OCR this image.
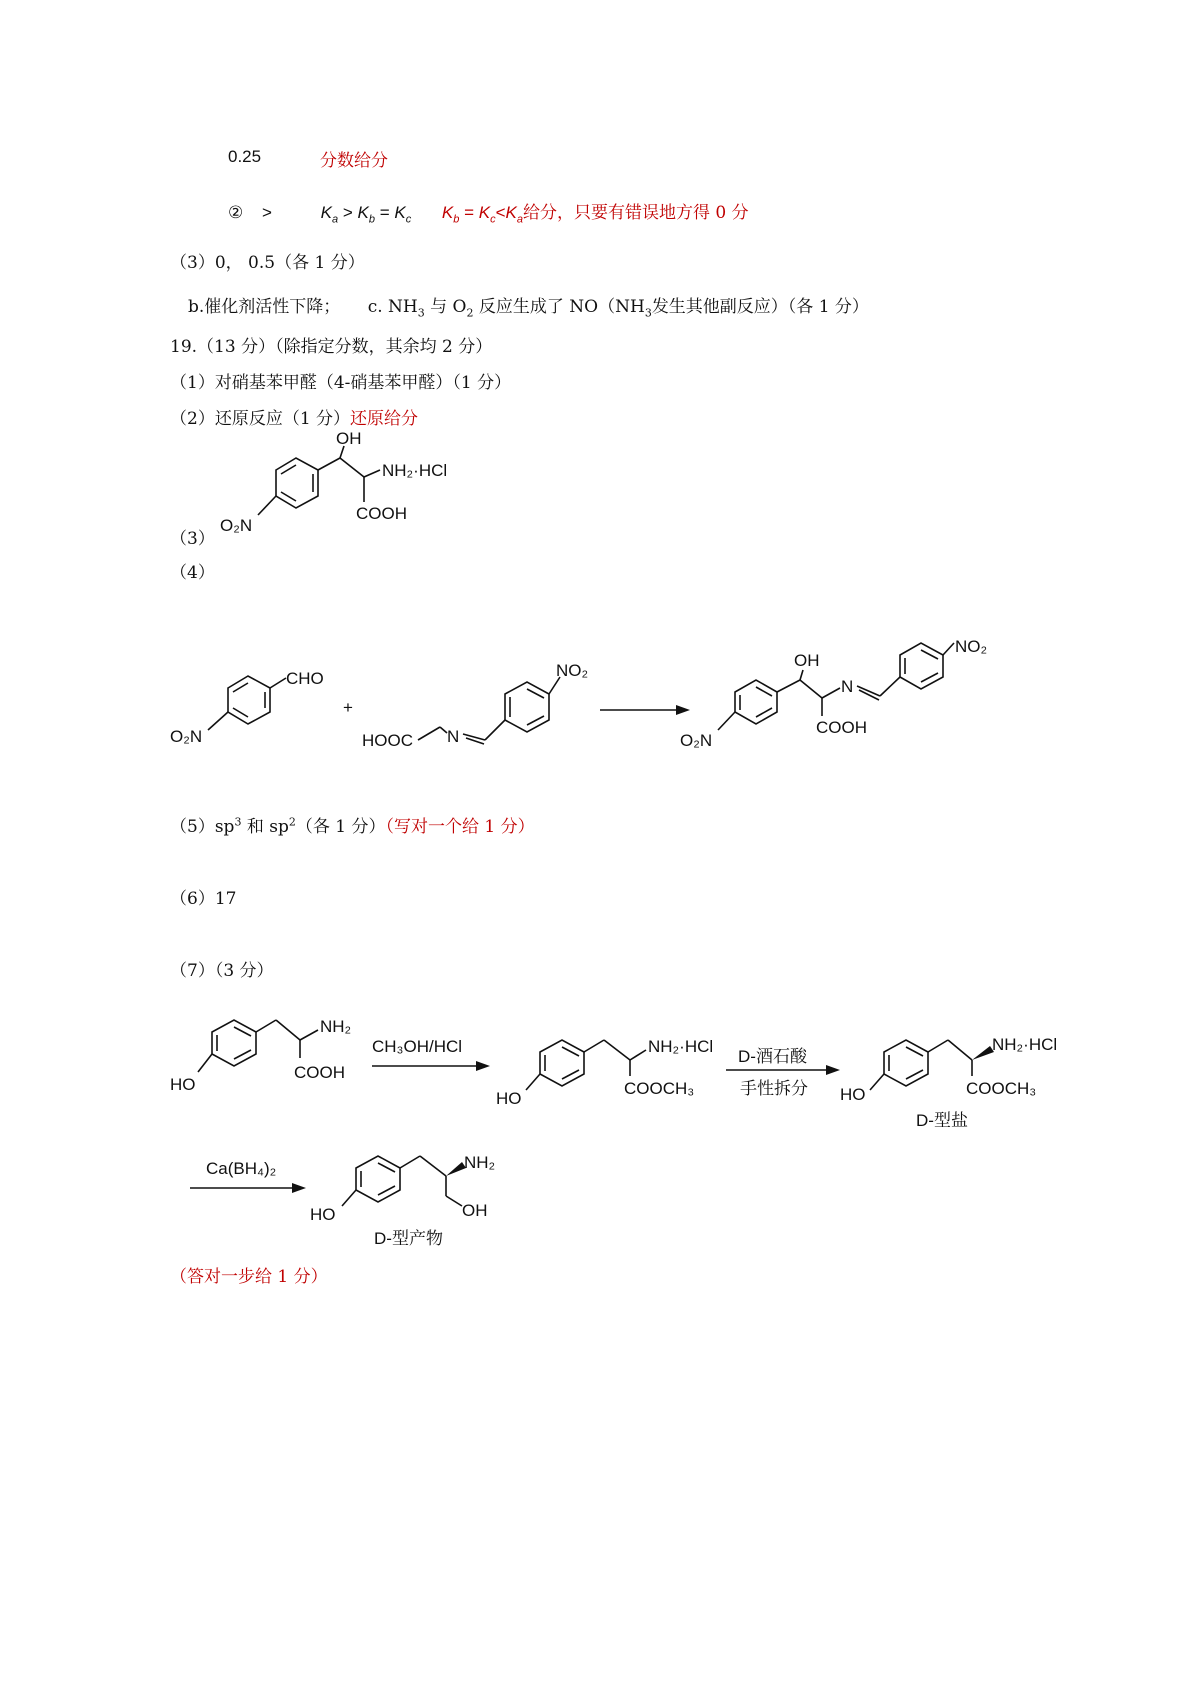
0.25	分数给分
② >	$K_a > K_b = K_c$ $K_b = K_c<K_a$给分，只要有错误地方得 0 分
（3）0， 0.5（各 1 分）
b.催化剂活性下降； c. $NH_3$ 与 $O_2$ 反应生成了 $NO(NH_3$发生其他副反应）（各 1 分）
19.（13 分）（除指定分数，其余均 2 分）
（1）对硝基苯甲醛（4-硝基苯甲醛）（1 分）
（2）还原反应（1 分）还原给分
（3）
（4）
$(5)sp^3$ 和 $sp^2$（各 1 分）（写对一个给 1 分）
（6）17
（7）（3 分）
（答对一步给 1 分）
O₂N
OH
NH₂·HCl
COOH
CHO
O₂N
+
HOOC N
NO₂
O₂N
OH
COOH
N
NO₂
HO
NH₂
COOH
CH₃OH/HCl
HO
NH₂·HCl
COOCH₃
D-酒石酸
手性拆分 HO
NH₂·HCl
COOCH₃
D-型盐
Ca(BH₄)₂
HO
NH₂
OH
D-型产物
